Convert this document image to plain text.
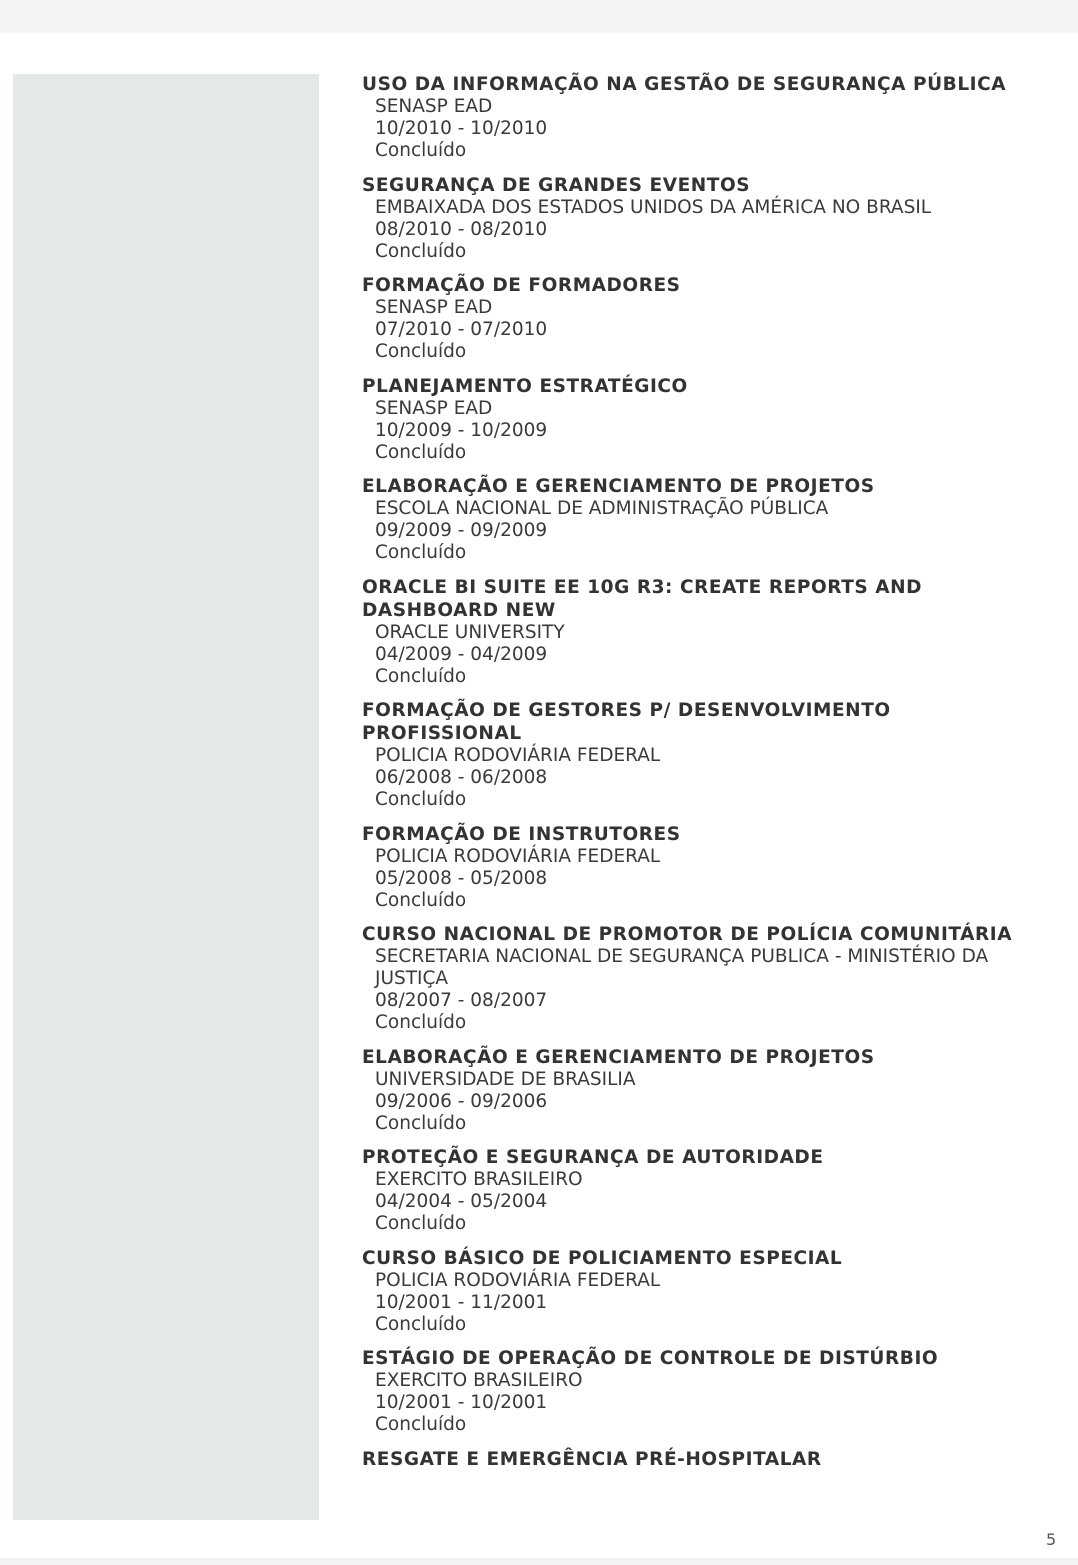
USO DA INFORMAÇÃO NA GESTÃO DE SEGURANÇA PÚBLICA
SENASP EAD
10/2010 - 10/2010
Concluído
SEGURANÇA DE GRANDES EVENTOS
EMBAIXADA DOS ESTADOS UNIDOS DA AMÉRICA NO BRASIL
08/2010 - 08/2010
Concluído
FORMAÇÃO DE FORMADORES
SENASP EAD
07/2010 - 07/2010
Concluído
PLANEJAMENTO ESTRATÉGICO
SENASP EAD
10/2009 - 10/2009
Concluído
ELABORAÇÃO E GERENCIAMENTO DE PROJETOS
ESCOLA NACIONAL DE ADMINISTRAÇÃO PÚBLICA
09/2009 - 09/2009
Concluído
ORACLE BI SUITE EE 10G R3: CREATE REPORTS AND DASHBOARD NEW
ORACLE UNIVERSITY
04/2009 - 04/2009
Concluído
FORMAÇÃO DE GESTORES P/ DESENVOLVIMENTO PROFISSIONAL
POLICIA RODOVIÁRIA FEDERAL
06/2008 - 06/2008
Concluído
FORMAÇÃO DE INSTRUTORES
POLICIA RODOVIÁRIA FEDERAL
05/2008 - 05/2008
Concluído
CURSO NACIONAL DE PROMOTOR DE POLÍCIA COMUNITÁRIA
SECRETARIA NACIONAL DE SEGURANÇA PUBLICA - MINISTÉRIO DA JUSTIÇA
08/2007 - 08/2007
Concluído
ELABORAÇÃO E GERENCIAMENTO DE PROJETOS
UNIVERSIDADE DE BRASILIA
09/2006 - 09/2006
Concluído
PROTEÇÃO E SEGURANÇA DE AUTORIDADE
EXERCITO BRASILEIRO
04/2004 - 05/2004
Concluído
CURSO BÁSICO DE POLICIAMENTO ESPECIAL
POLICIA RODOVIÁRIA FEDERAL
10/2001 - 11/2001
Concluído
ESTÁGIO DE OPERAÇÃO DE CONTROLE DE DISTÚRBIO
EXERCITO BRASILEIRO
10/2001 - 10/2001
Concluído
RESGATE E EMERGÊNCIA PRÉ-HOSPITALAR
5
